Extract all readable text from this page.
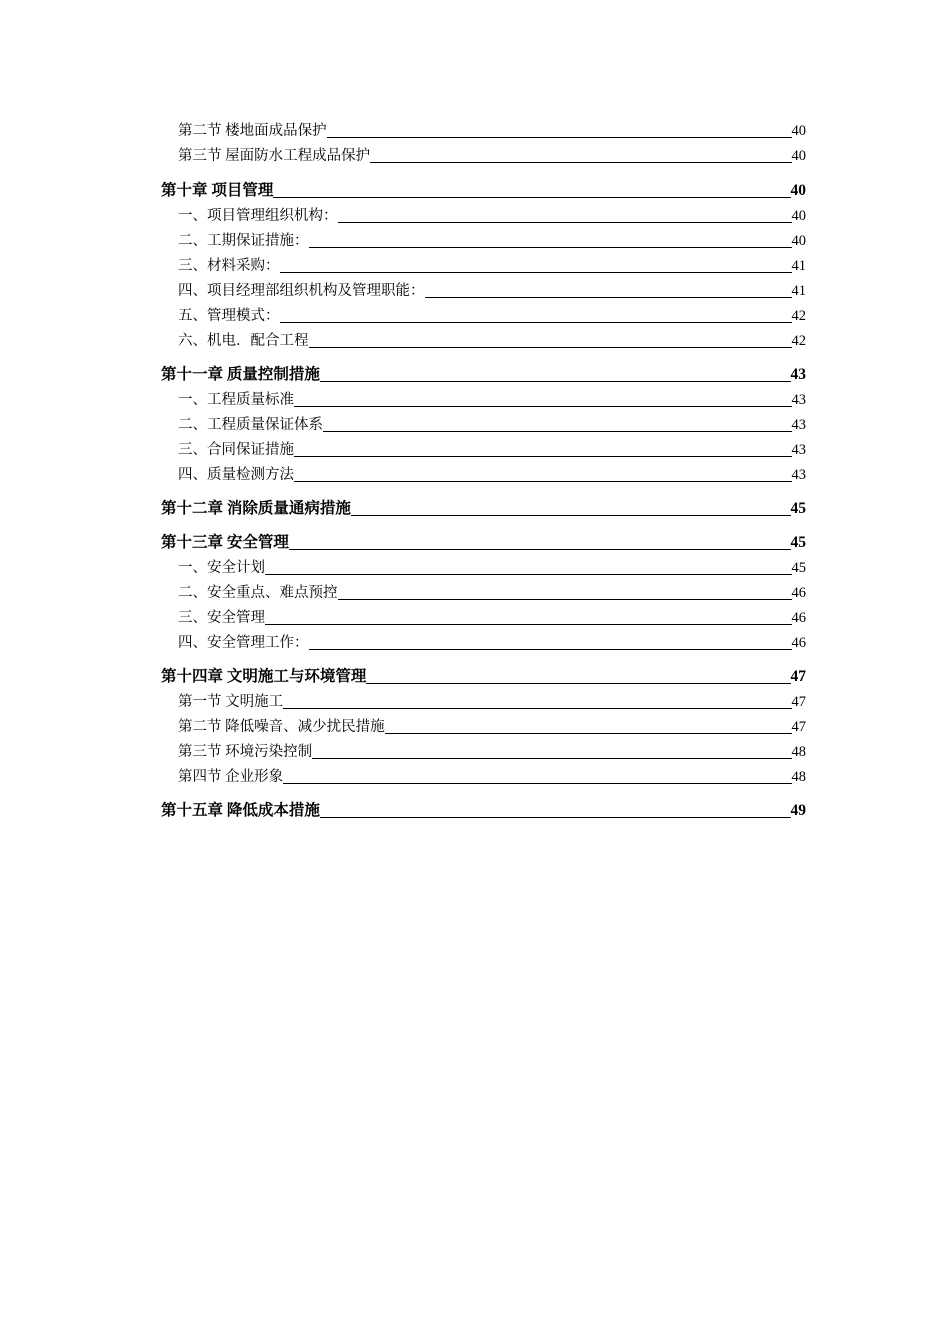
第二节 楼地面成品保护	40
第三节 屋面防水工程成品保护	40
第十章 项目管理	40
一、项目管理组织机构：	40
二、工期保证措施：	40
三、材料采购：	41
四、项目经理部组织机构及管理职能：	41
五、管理模式：	42
六、机电．配合工程	42
第十一章 质量控制措施	43
一、工程质量标准	43
二、工程质量保证体系	43
三、合同保证措施	43
四、质量检测方法	43
第十二章 消除质量通病措施	45
第十三章 安全管理	45
一、安全计划	45
二、安全重点、难点预控	46
三、安全管理	46
四、安全管理工作：	46
第十四章 文明施工与环境管理	47
第一节 文明施工	47
第二节 降低噪音、减少扰民措施	47
第三节 环境污染控制	48
第四节 企业形象	48
第十五章 降低成本措施	49
